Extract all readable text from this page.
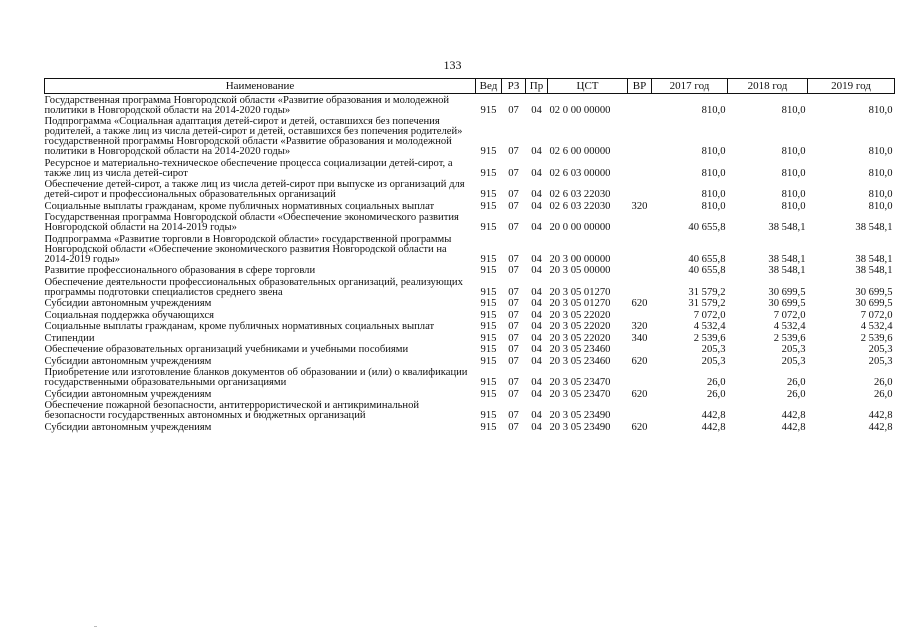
133
Наименование	Вед	РЗ	Пр	ЦСТ	ВР	2017 год	2018 год	2019 год
Государственная программа Новгородской области «Развитие образования и молодежной политики в Новгородской области на 2014-2020 годы»	915	07	04	02 0 00 00000		810,0	810,0	810,0
Подпрограмма «Социальная адаптация детей-сирот и детей, оставшихся без попечения родителей, а также лиц из числа детей-сирот и детей, оставшихся без попечения родителей» государственной программы Новгородской области «Развитие образования и молодежной политики в Новгородской области на 2014-2020 годы»	915	07	04	02 6 00 00000		810,0	810,0	810,0
Ресурсное и материально-техническое обеспечение процесса социализации детей-сирот, а также лиц из числа детей-сирот	915	07	04	02 6 03 00000		810,0	810,0	810,0
Обеспечение детей-сирот, а также лиц из числа детей-сирот при выпуске из организаций для детей-сирот и профессиональных образовательных организаций	915	07	04	02 6 03 22030		810,0	810,0	810,0
Социальные выплаты гражданам, кроме публичных нормативных социальных выплат	915	07	04	02 6 03 22030	320	810,0	810,0	810,0
Государственная программа Новгородской области «Обеспечение экономического развития Новгородской области на 2014-2019 годы»	915	07	04	20 0 00 00000		40 655,8	38 548,1	38 548,1
Подпрограмма «Развитие торговли в Новгородской области» государственной программы Новгородской области «Обеспечение экономического развития Новгородской области на 2014-2019 годы»	915	07	04	20 3 00 00000		40 655,8	38 548,1	38 548,1
Развитие профессионального образования в сфере торговли	915	07	04	20 3 05 00000		40 655,8	38 548,1	38 548,1
Обеспечение деятельности профессиональных образовательных организаций, реализующих программы подготовки специалистов среднего звена	915	07	04	20 3 05 01270		31 579,2	30 699,5	30 699,5
Субсидии автономным учреждениям	915	07	04	20 3 05 01270	620	31 579,2	30 699,5	30 699,5
Социальная поддержка обучающихся	915	07	04	20 3 05 22020		7 072,0	7 072,0	7 072,0
Социальные выплаты гражданам, кроме публичных нормативных социальных выплат	915	07	04	20 3 05 22020	320	4 532,4	4 532,4	4 532,4
Стипендии	915	07	04	20 3 05 22020	340	2 539,6	2 539,6	2 539,6
Обеспечение образовательных организаций учебниками и учебными пособиями	915	07	04	20 3 05 23460		205,3	205,3	205,3
Субсидии автономным учреждениям	915	07	04	20 3 05 23460	620	205,3	205,3	205,3
Приобретение или изготовление бланков документов об образовании и (или) о квалификации государственными образовательными организациями	915	07	04	20 3 05 23470		26,0	26,0	26,0
Субсидии автономным учреждениям	915	07	04	20 3 05 23470	620	26,0	26,0	26,0
Обеспечение пожарной безопасности, антитеррористической и антикриминальной безопасности государственных автономных и бюджетных организаций	915	07	04	20 3 05 23490		442,8	442,8	442,8
Субсидии автономным учреждениям	915	07	04	20 3 05 23490	620	442,8	442,8	442,8
